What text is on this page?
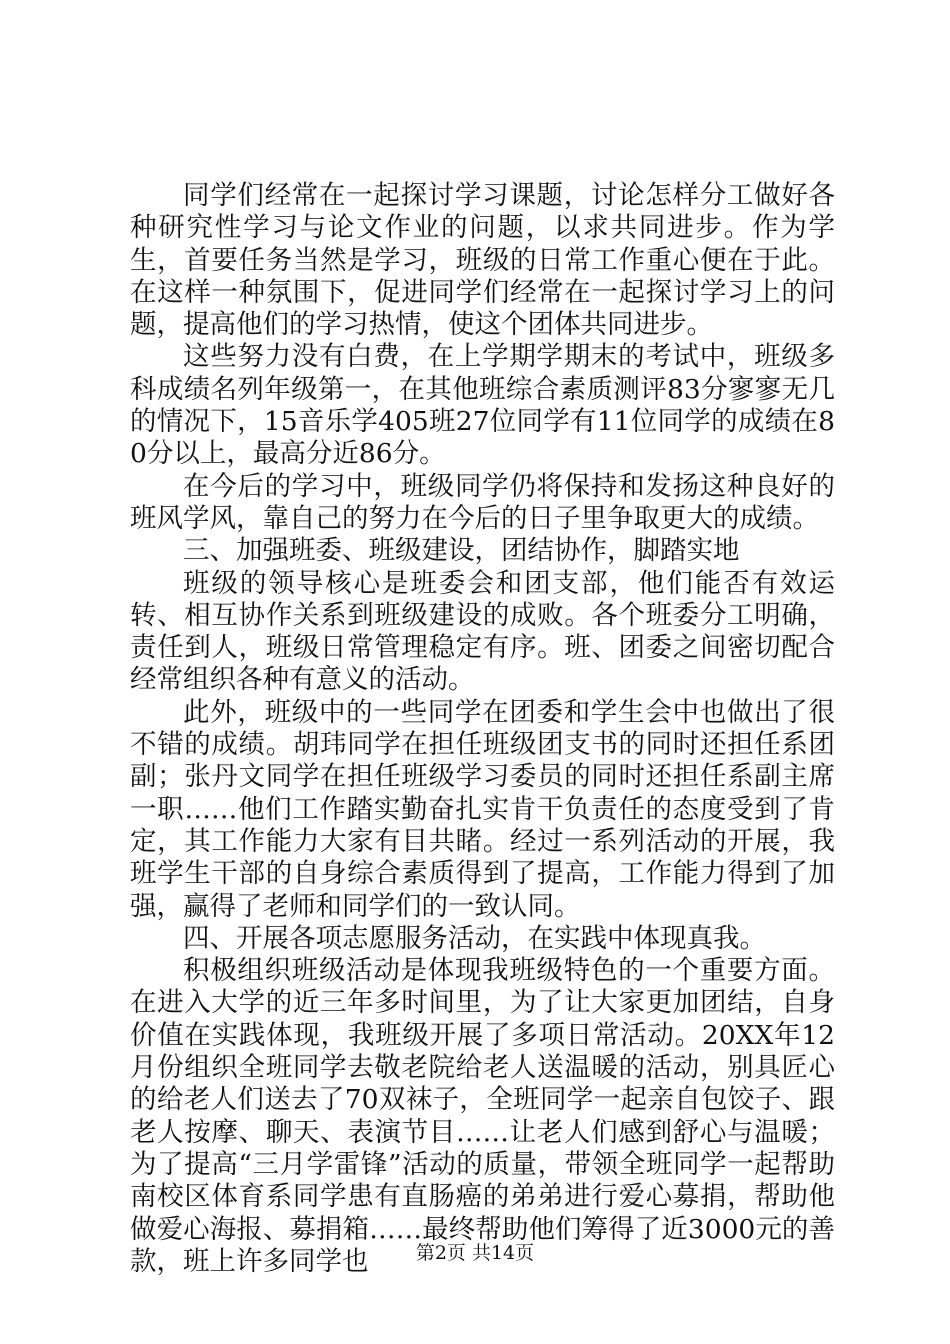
同学们经常在一起探讨学习课题，讨论怎样分工做好各种研究性学习与论文作业的问题，以求共同进步。作为学生，首要任务当然是学习，班级的日常工作重心便在于此。在这样一种氛围下，促进同学们经常在一起探讨学习上的问题，提高他们的学习热情，使这个团体共同进步。

这些努力没有白费，在上学期学期末的考试中，班级多科成绩名列年级第一，在其他班综合素质测评83分寥寥无几的情况下，15音乐学405班27位同学有11位同学的成绩在80分以上，最高分近86分。

在今后的学习中，班级同学仍将保持和发扬这种良好的班风学风，靠自己的努力在今后的日子里争取更大的成绩。

三、加强班委、班级建设，团结协作，脚踏实地

班级的领导核心是班委会和团支部，他们能否有效运转、相互协作关系到班级建设的成败。各个班委分工明确，责任到人，班级日常管理稳定有序。班、团委之间密切配合经常组织各种有意义的活动。

此外，班级中的一些同学在团委和学生会中也做出了很不错的成绩。胡玮同学在担任班级团支书的同时还担任系团副；张丹文同学在担任班级学习委员的同时还担任系副主席一职……他们工作踏实勤奋扎实肯干负责任的态度受到了肯定，其工作能力大家有目共睹。经过一系列活动的开展，我班学生干部的自身综合素质得到了提高，工作能力得到了加强，赢得了老师和同学们的一致认同。

四、开展各项志愿服务活动，在实践中体现真我。

积极组织班级活动是体现我班级特色的一个重要方面。在进入大学的近三年多时间里，为了让大家更加团结，自身价值在实践体现，我班级开展了多项日常活动。20XX年12月份组织全班同学去敬老院给老人送温暖的活动，别具匠心的给老人们送去了70双袜子，全班同学一起亲自包饺子、跟老人按摩、聊天、表演节目……让老人们感到舒心与温暖；为了提高“三月学雷锋”活动的质量，带领全班同学一起帮助南校区体育系同学患有直肠癌的弟弟进行爱心募捐，帮助他做爱心海报、募捐箱……最终帮助他们筹得了近3000元的善款，班上许多同学也	第2页 共14页
